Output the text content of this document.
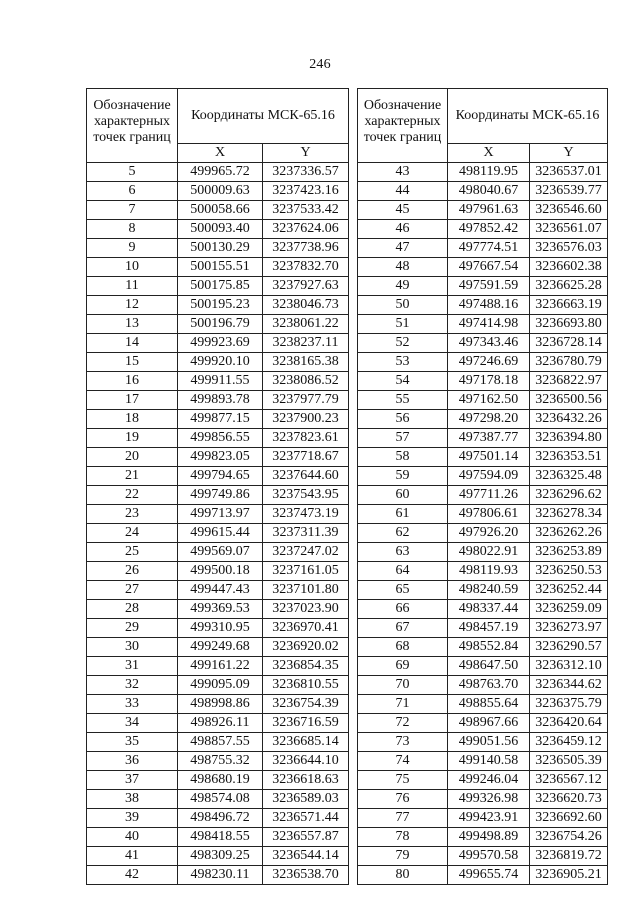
246
Обозначение характерных точек границ	Координаты МСК-65.16	
	X	Y
5	499965.72	3237336.57
6	500009.63	3237423.16
7	500058.66	3237533.42
8	500093.40	3237624.06
9	500130.29	3237738.96
10	500155.51	3237832.70
11	500175.85	3237927.63
12	500195.23	3238046.73
13	500196.79	3238061.22
14	499923.69	3238237.11
15	499920.10	3238165.38
16	499911.55	3238086.52
17	499893.78	3237977.79
18	499877.15	3237900.23
19	499856.55	3237823.61
20	499823.05	3237718.67
21	499794.65	3237644.60
22	499749.86	3237543.95
23	499713.97	3237473.19
24	499615.44	3237311.39
25	499569.07	3237247.02
26	499500.18	3237161.05
27	499447.43	3237101.80
28	499369.53	3237023.90
29	499310.95	3236970.41
30	499249.68	3236920.02
31	499161.22	3236854.35
32	499095.09	3236810.55
33	498998.86	3236754.39
34	498926.11	3236716.59
35	498857.55	3236685.14
36	498755.32	3236644.10
37	498680.19	3236618.63
38	498574.08	3236589.03
39	498496.72	3236571.44
40	498418.55	3236557.87
41	498309.25	3236544.14
42	498230.11	3236538.70
Обозначение характерных точек границ	Координаты МСК-65.16	
	X	Y
43	498119.95	3236537.01
44	498040.67	3236539.77
45	497961.63	3236546.60
46	497852.42	3236561.07
47	497774.51	3236576.03
48	497667.54	3236602.38
49	497591.59	3236625.28
50	497488.16	3236663.19
51	497414.98	3236693.80
52	497343.46	3236728.14
53	497246.69	3236780.79
54	497178.18	3236822.97
55	497162.50	3236500.56
56	497298.20	3236432.26
57	497387.77	3236394.80
58	497501.14	3236353.51
59	497594.09	3236325.48
60	497711.26	3236296.62
61	497806.61	3236278.34
62	497926.20	3236262.26
63	498022.91	3236253.89
64	498119.93	3236250.53
65	498240.59	3236252.44
66	498337.44	3236259.09
67	498457.19	3236273.97
68	498552.84	3236290.57
69	498647.50	3236312.10
70	498763.70	3236344.62
71	498855.64	3236375.79
72	498967.66	3236420.64
73	499051.56	3236459.12
74	499140.58	3236505.39
75	499246.04	3236567.12
76	499326.98	3236620.73
77	499423.91	3236692.60
78	499498.89	3236754.26
79	499570.58	3236819.72
80	499655.74	3236905.21
